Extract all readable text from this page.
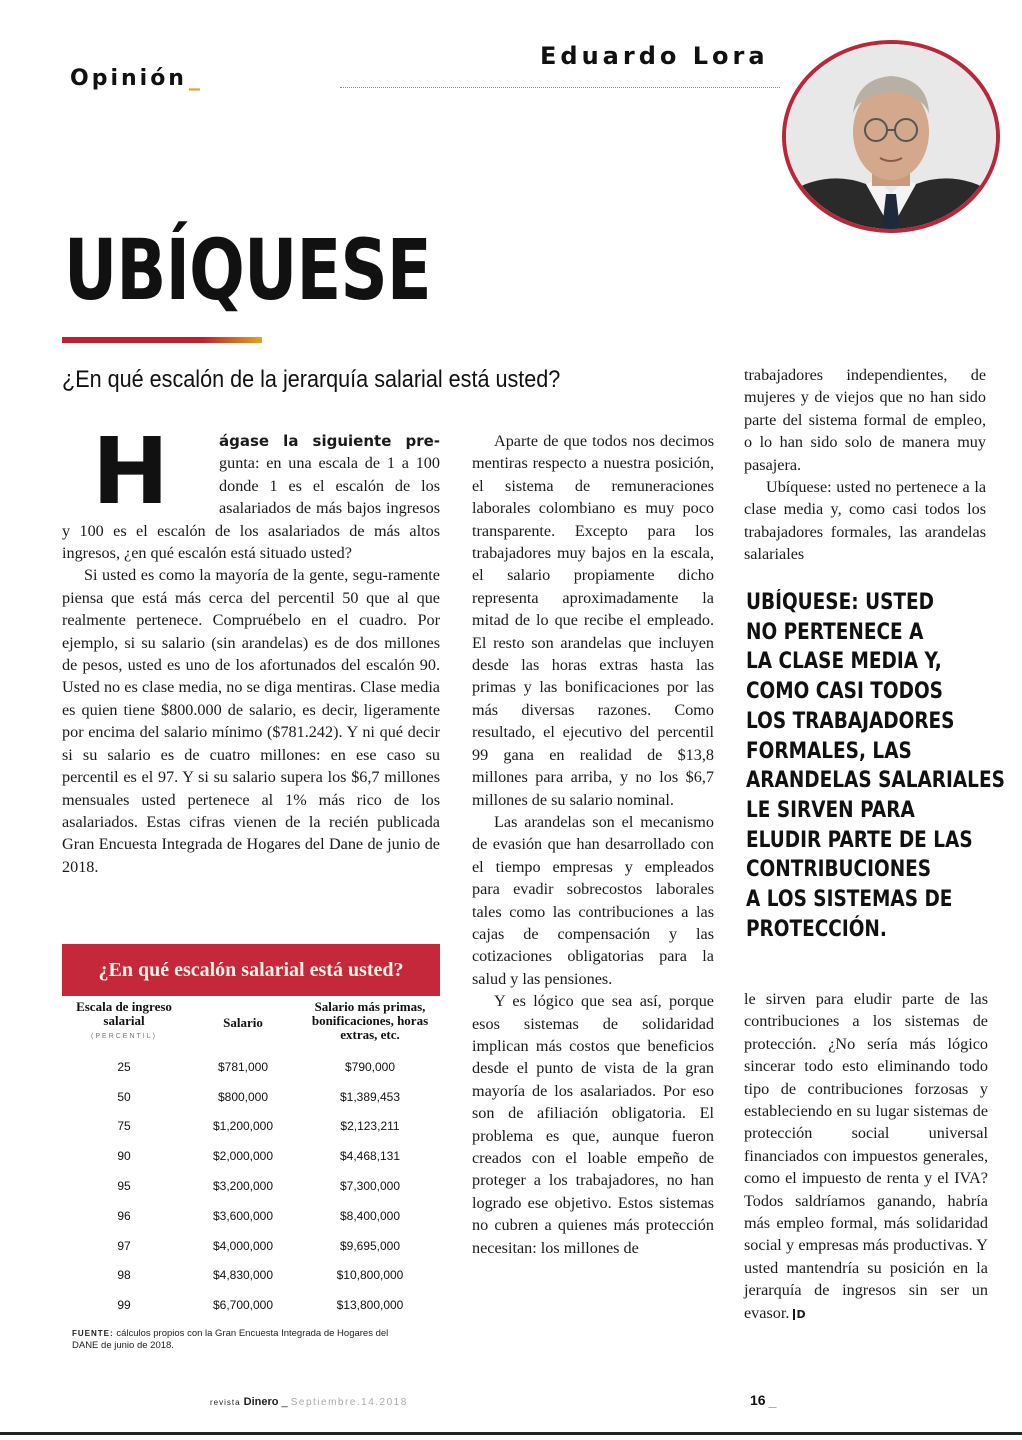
Opinión_
Eduardo Lora
UBÍQUESE
¿En qué escalón de la jerarquía salarial está usted?
H	ágase la siguiente pre- gunta: en una escala de 1 a 100 donde 1 es el escalón de los asalariados de más bajos ingresos y 100 es el escalón de los asalariados de más altos ingresos, ¿en qué escalón está situado usted?

Si usted es como la mayoría de la gente, segu-ramente piensa que está más cerca del percentil 50 que al que realmente pertenece. Compruébelo en el cuadro. Por ejemplo, si su salario (sin arandelas) es de dos millones de pesos, usted es uno de los afortunados del escalón 90. Usted no es clase media, no se diga mentiras. Clase media es quien tiene $800.000 de salario, es decir, ligeramente por encima del salario mínimo ($781.242). Y ni qué decir si su salario es de cuatro millones: en ese caso su percentil es el 97. Y si su salario supera los $6,7 millones mensuales usted pertenece al 1% más rico de los asalariados. Estas cifras vienen de la recién publicada Gran Encuesta Integrada de Hogares del Dane de junio de 2018.

¿En qué escalón salarial está usted?
Escala de ingreso salarial
(PERCENTIL)	Salario	Salario más primas, bonificaciones, horas extras, etc.
25	$781,000	$790,000
50	$800,000	$1,389,453
75	$1,200,000	$2,123,211
90	$2,000,000	$4,468,131
95	$3,200,000	$7,300,000
96	$3,600,000	$8,400,000
97	$4,000,000	$9,695,000
98	$4,830,000	$10,800,000
99	$6,700,000	$13,800,000
FUENTE: cálculos propios con la Gran Encuesta Integrada de Hogares del DANE de junio de 2018.

Aparte de que todos nos decimos mentiras respecto a nuestra posición, el sistema de remuneraciones laborales colombiano es muy poco transparente. Excepto para los trabajadores muy bajos en la escala, el salario propiamente dicho representa aproximadamente la mitad de lo que recibe el empleado. El resto son arandelas que incluyen desde las horas extras hasta las primas y las bonificaciones por las más diversas razones. Como resultado, el ejecutivo del percentil 99 gana en realidad de $13,8 millones para arriba, y no los $6,7 millones de su salario nominal.

Las arandelas son el mecanismo de evasión que han desarrollado con el tiempo empresas y empleados para evadir sobrecostos laborales tales como las contribuciones a las cajas de compensación y las cotizaciones obligatorias para la salud y las pensiones.

Y es lógico que sea así, porque esos sistemas de solidaridad implican más costos que beneficios desde el punto de vista de la gran mayoría de los asalariados. Por eso son de afiliación obligatoria. El problema es que, aunque fueron creados con el loable empeño de proteger a los trabajadores, no han logrado ese objetivo. Estos sistemas no cubren a quienes más protección necesitan: los millones de

trabajadores independientes, de mujeres y de viejos que no han sido parte del sistema formal de empleo, o lo han sido solo de manera muy pasajera.

Ubíquese: usted no pertenece a la clase media y, como casi todos los trabajadores formales, las arandelas salariales

UBÍQUESE: USTED
NO PERTENECE A
LA CLASE MEDIA Y,
COMO CASI TODOS
LOS TRABAJADORES
FORMALES, LAS
ARANDELAS SALARIALES
LE SIRVEN PARA
ELUDIR PARTE DE LAS
CONTRIBUCIONES
A LOS SISTEMAS DE
PROTECCIÓN.

le sirven para eludir parte de las contribuciones a los sistemas de protección. ¿No sería más lógico sincerar todo esto eliminando todo tipo de contribuciones forzosas y estableciendo en su lugar sistemas de protección social universal financiados con impuestos generales, como el impuesto de renta y el IVA? Todos saldríamos ganando, habría más empleo formal, más solidaridad social y empresas más productivas. Y usted mantendría su posición en la jerarquía de ingresos sin ser un evasor. D

revista Dinero _ Septiembre.14.2018	16 _
